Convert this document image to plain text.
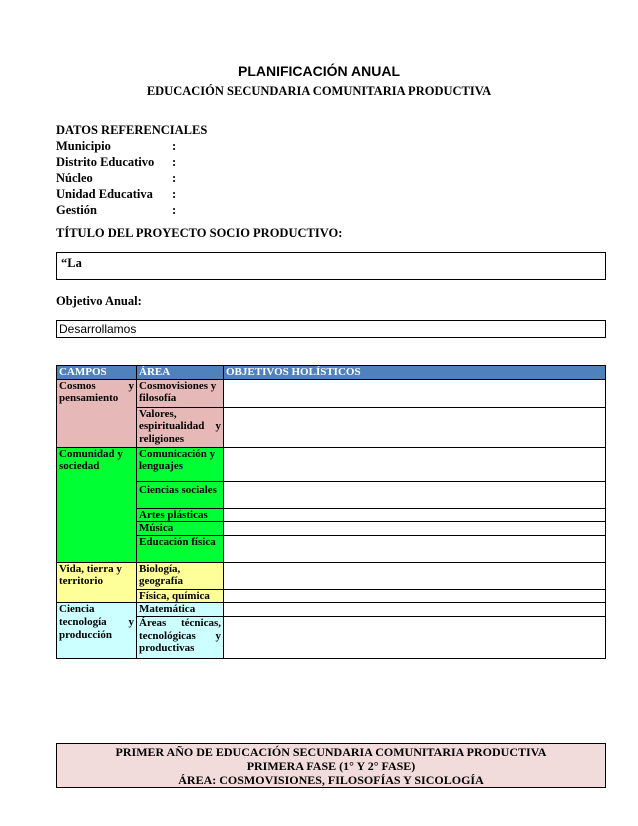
PLANIFICACIÓN ANUAL
EDUCACIÓN SECUNDARIA COMUNITARIA PRODUCTIVA
DATOS REFERENCIALES
Municipio	:
Distrito Educativo :
Núcleo	:
Unidad Educativa :
Gestión	:
TÍTULO DEL PROYECTO SOCIO PRODUCTIVO:
“La
Objetivo Anual:
Desarrollamos
CAMPOS	ÁREA	OBJETIVOS HOLÍSTICOS
Cosmos y pensamiento	Cosmovisiones y filosofía	
	Valores, espiritualidad y religiones	
Comunidad y sociedad	Comunicación y lenguajes	
	Ciencias sociales	
	Artes plásticas	
	Música	
	Educación física	
Vida, tierra y territorio	Biología, geografía	
	Física, química	
Ciencia tecnología y producción	Matemática	
	Áreas técnicas, tecnológicas y productivas	
PRIMER AÑO DE EDUCACIÓN SECUNDARIA COMUNITARIA PRODUCTIVA
PRIMERA FASE (1° Y 2° FASE)
ÁREA: COSMOVISIONES, FILOSOFÍAS Y SICOLOGÍA
